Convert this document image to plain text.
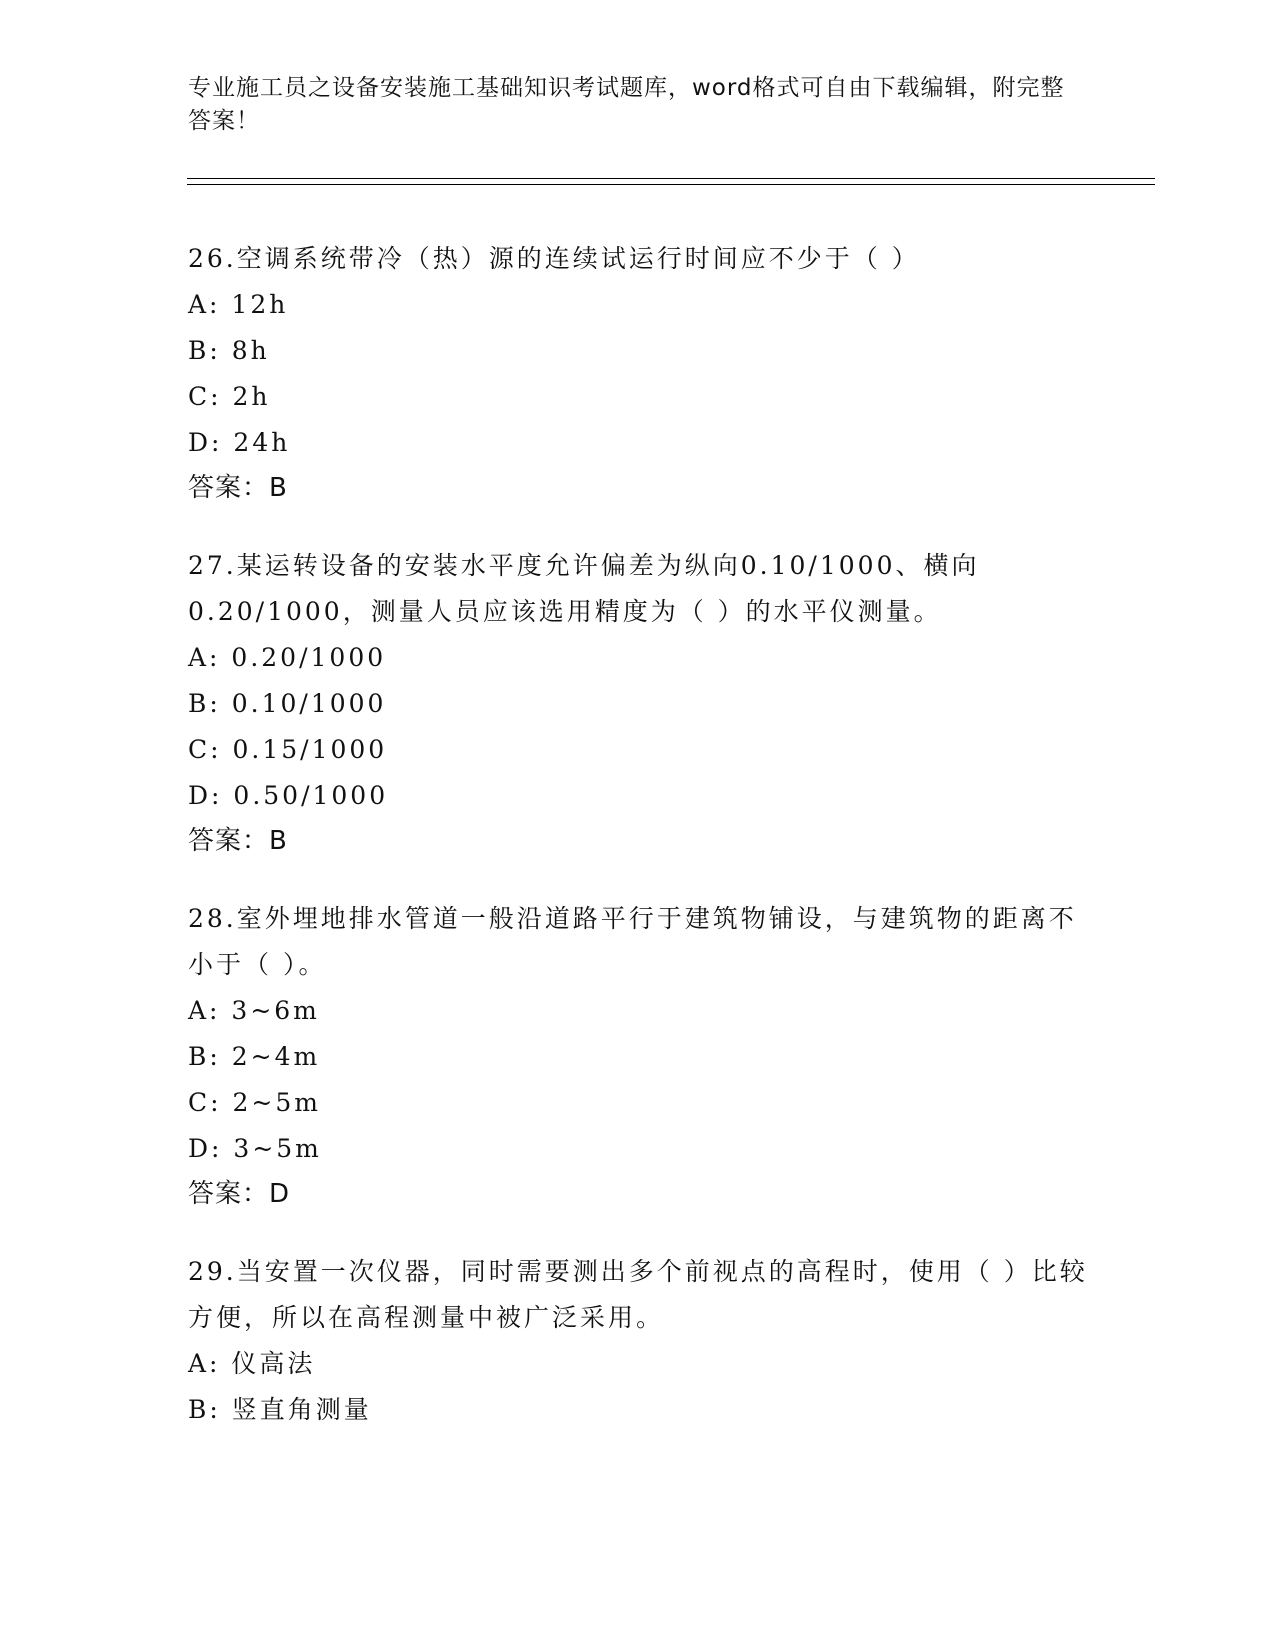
专业施工员之设备安装施工基础知识考试题库，word格式可自由下载编辑，附完整答案！

26.空调系统带冷（热）源的连续试运行时间应不少于（ ）

A: 12h

B: 8h

C: 2h

D: 24h

答案：B

27.某运转设备的安装水平度允许偏差为纵向0.10/1000、横向0.20/1000，测量人员应该选用精度为（ ）的水平仪测量。

A: 0.20/1000

B: 0.10/1000

C: 0.15/1000

D: 0.50/1000

答案：B

28.室外埋地排水管道一般沿道路平行于建筑物铺设，与建筑物的距离不小于（ ）。

A: 3~6m

B: 2~4m

C: 2~5m

D: 3~5m

答案：D

29.当安置一次仪器，同时需要测出多个前视点的高程时，使用（ ）比较方便，所以在高程测量中被广泛采用。

A: 仪高法

B: 竖直角测量
